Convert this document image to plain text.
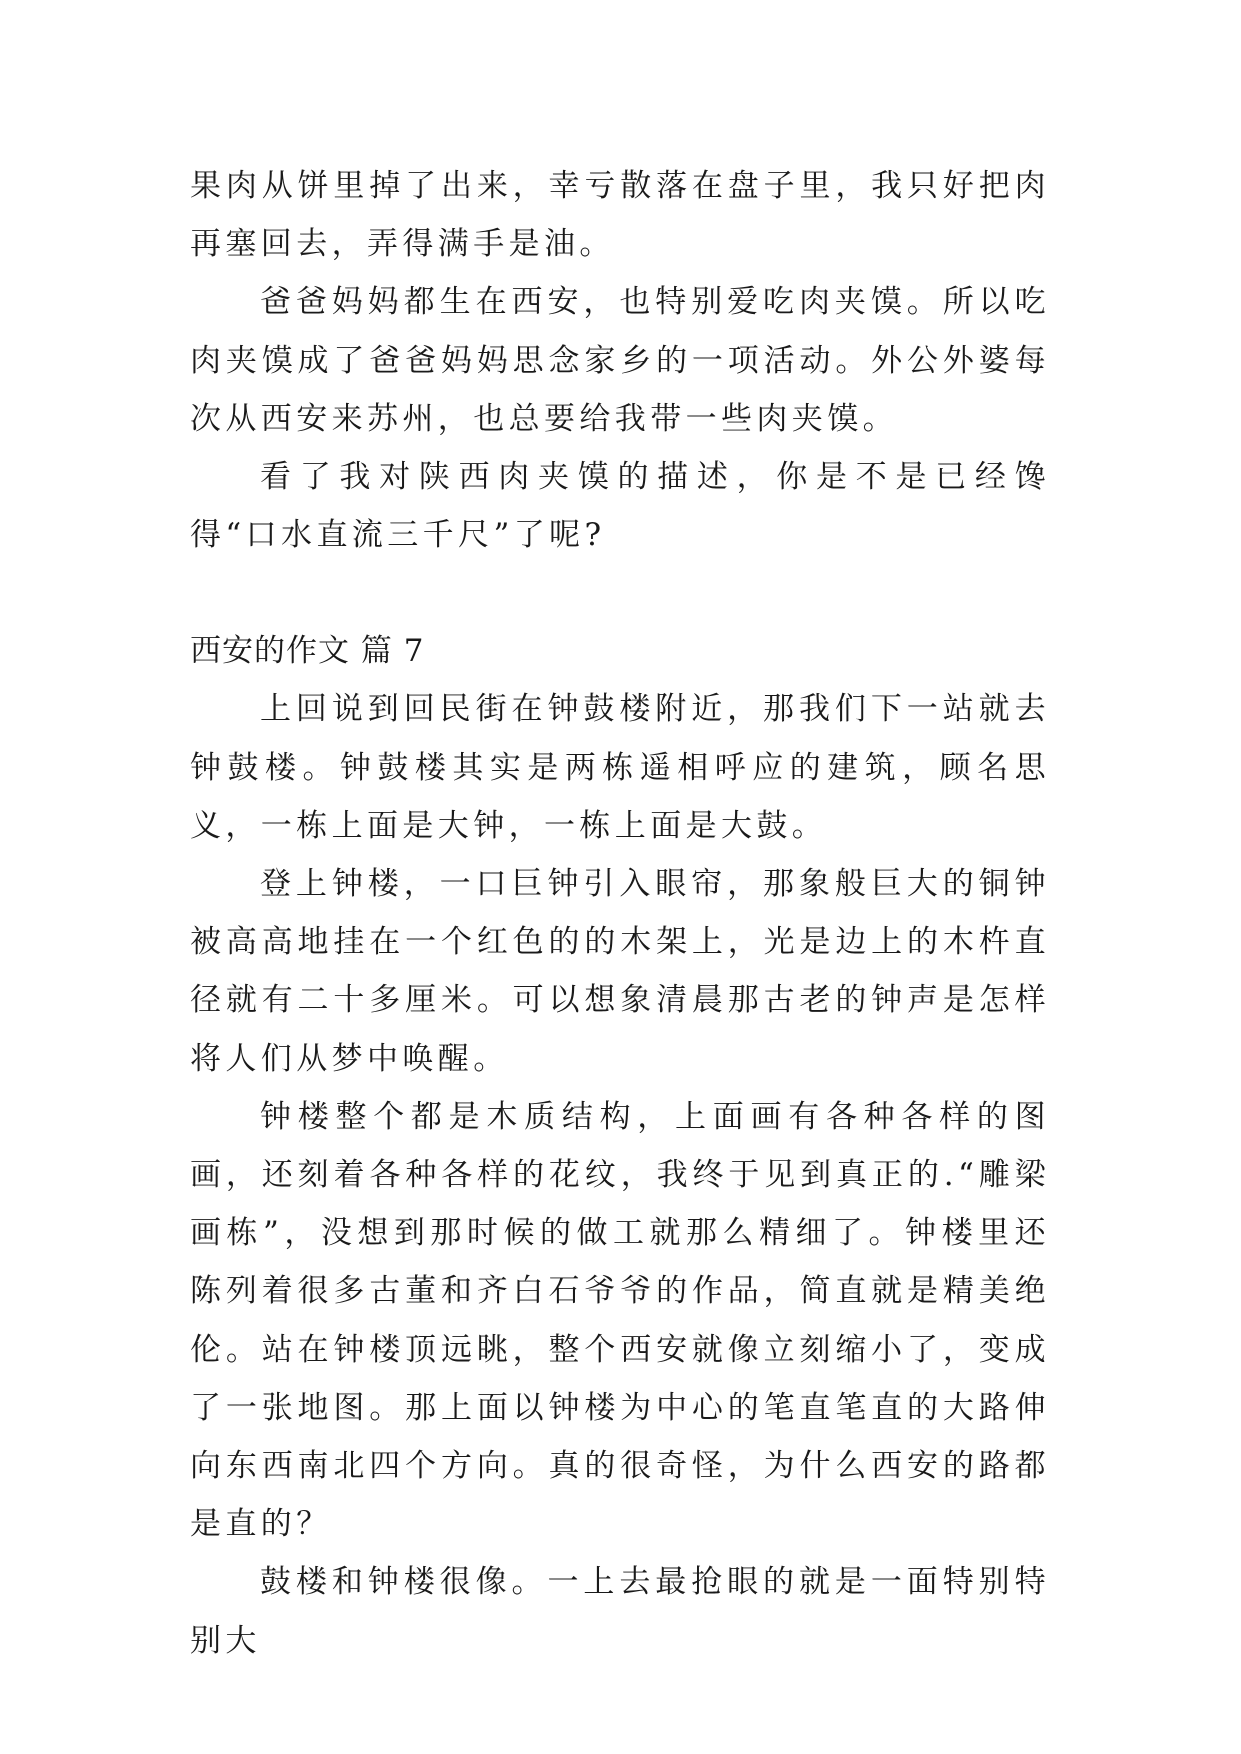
果肉从饼里掉了出来，幸亏散落在盘子里，我只好把肉再塞回去，弄得满手是油。

爸爸妈妈都生在西安，也特别爱吃肉夹馍。所以吃肉夹馍成了爸爸妈妈思念家乡的一项活动。外公外婆每次从西安来苏州，也总要给我带一些肉夹馍。

看了我对陕西肉夹馍的描述，你是不是已经馋得“口水直流三千尺”了呢?

西安的作文 篇 7

上回说到回民街在钟鼓楼附近，那我们下一站就去钟鼓楼。钟鼓楼其实是两栋遥相呼应的建筑，顾名思义，一栋上面是大钟，一栋上面是大鼓。

登上钟楼，一口巨钟引入眼帘，那象般巨大的铜钟被高高地挂在一个红色的的木架上，光是边上的木杵直径就有二十多厘米。可以想象清晨那古老的钟声是怎样将人们从梦中唤醒。

钟楼整个都是木质结构，上面画有各种各样的图画，还刻着各种各样的花纹，我终于见到真正的.“雕梁画栋”，没想到那时候的做工就那么精细了。钟楼里还陈列着很多古董和齐白石爷爷的作品，简直就是精美绝伦。站在钟楼顶远眺，整个西安就像立刻缩小了，变成了一张地图。那上面以钟楼为中心的笔直笔直的大路伸向东西南北四个方向。真的很奇怪，为什么西安的路都是直的？

鼓楼和钟楼很像。一上去最抢眼的就是一面特别特别大
